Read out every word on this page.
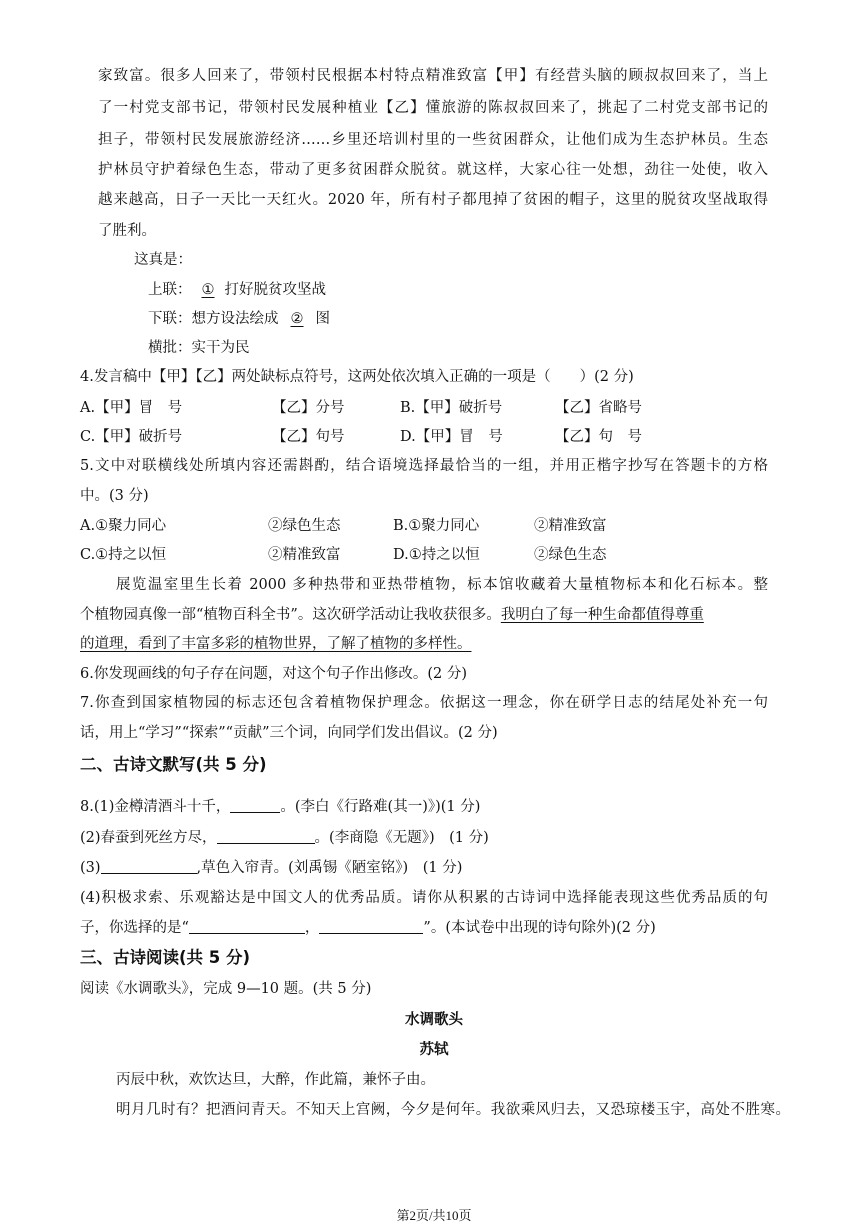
家致富。很多人回来了，带领村民根据本村特点精准致富【甲】有经营头脑的顾叔叔回来了，当上
了一村党支部书记，带领村民发展种植业【乙】懂旅游的陈叔叔回来了，挑起了二村党支部书记的
担子，带领村民发展旅游经济……乡里还培训村里的一些贫困群众，让他们成为生态护林员。生态
护林员守护着绿色生态，带动了更多贫困群众脱贫。就这样，大家心往一处想，劲往一处使，收入
越来越高，日子一天比一天红火。2020 年，所有村子都甩掉了贫困的帽子，这里的脱贫攻坚战取得
了胜利。
这真是：
上联： ① 打好脱贫攻坚战
下联：想方设法绘成 ② 图
横批：实干为民
4.发言稿中【甲】【乙】两处缺标点符号，这两处依次填入正确的一项是（　　）(2 分)
A.【甲】冒　号	【乙】分号	B.【甲】破折号	【乙】省略号
C.【甲】破折号	【乙】句号	D.【甲】冒　号	【乙】句　号
5.文中对联横线处所填内容还需斟酌，结合语境选择最恰当的一组，并用正楷字抄写在答题卡的方格
中。(3 分)
A.①聚力同心	②绿色生态	B.①聚力同心	②精准致富
C.①持之以恒	②精准致富	D.①持之以恒	②绿色生态
展览温室里生长着 2000 多种热带和亚热带植物，标本馆收藏着大量植物标本和化石标本。整
个植物园真像一部“植物百科全书”。这次研学活动让我收获很多。我明白了每一种生命都值得尊重
的道理，看到了丰富多彩的植物世界，了解了植物的多样性。
6.你发现画线的句子存在问题，对这个句子作出修改。(2 分)
7.你查到国家植物园的标志还包含着植物保护理念。依据这一理念，你在研学日志的结尾处补充一句
话，用上“学习”“探索”“贡献”三个词，向同学们发出倡议。(2 分)
二、古诗文默写(共 5 分)
8.(1)金樽清酒斗十千，	。(李白《行路难(其一)》)(1 分)
(2)春蚕到死丝方尽，	。(李商隐《无题》)　(1 分)
(3)	,草色入帘青。(刘禹锡《陋室铭》)　(1 分)
(4)积极求索、乐观豁达是中国文人的优秀品质。请你从积累的古诗词中选择能表现这些优秀品质的句
子，你选择的是“	，	”。(本试卷中出现的诗句除外)(2 分)
三、古诗阅读(共 5 分)
阅读《水调歌头》，完成 9—10 题。(共 5 分)
水调歌头
苏轼
丙辰中秋，欢饮达旦，大醉，作此篇，兼怀子由。
明月几时有？把酒问青天。不知天上宫阙，今夕是何年。我欲乘风归去，又恐琼楼玉宇，高处不胜寒。
第2页/共10页
